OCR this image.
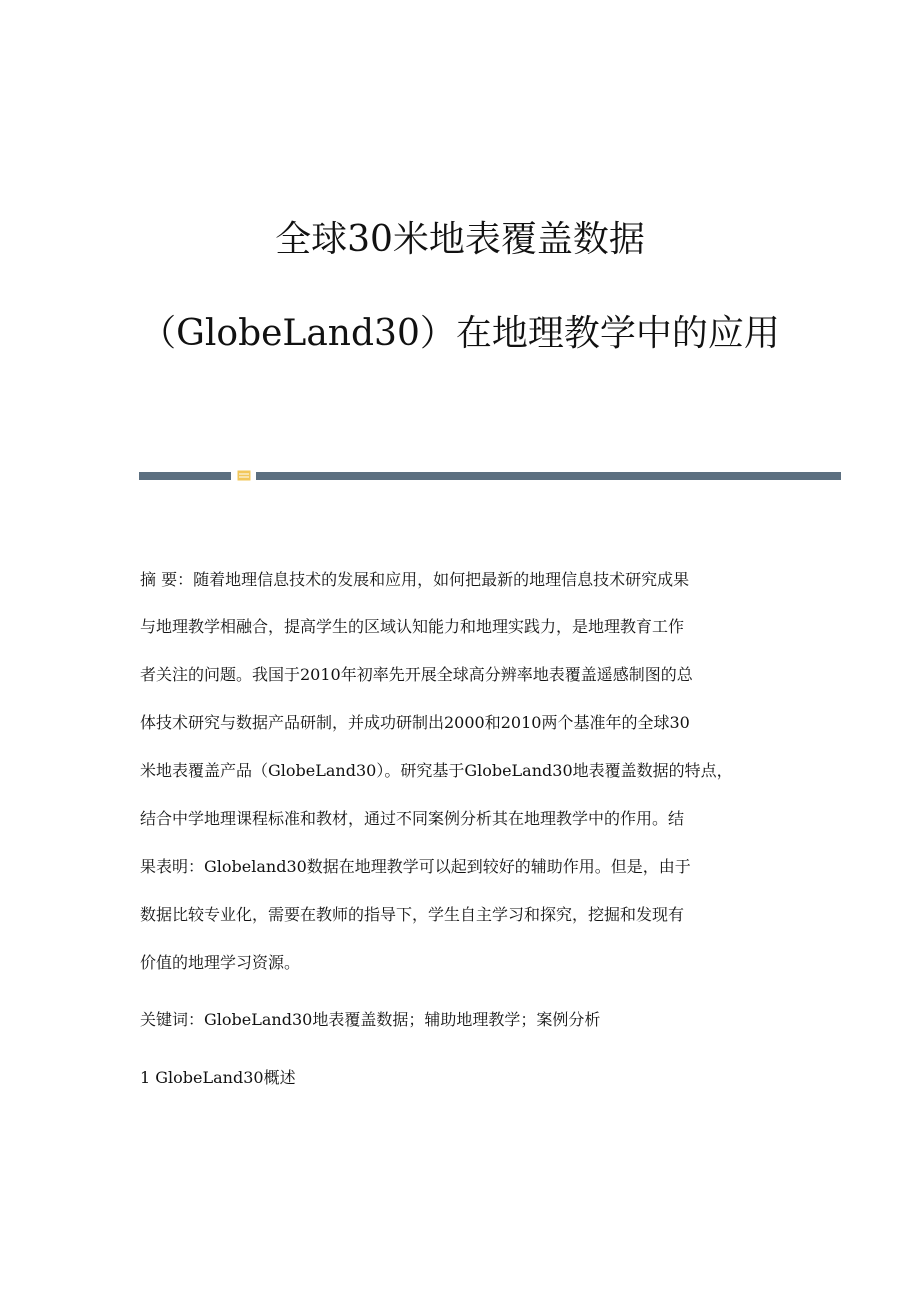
全球30米地表覆盖数据
（GlobeLand30）在地理教学中的应用
摘 要：随着地理信息技术的发展和应用，如何把最新的地理信息技术研究成果
与地理教学相融合，提高学生的区域认知能力和地理实践力，是地理教育工作
者关注的问题。我国于2010年初率先开展全球高分辨率地表覆盖遥感制图的总
体技术研究与数据产品研制，并成功研制出2000和2010两个基准年的全球30
米地表覆盖产品（GlobeLand30）。研究基于GlobeLand30地表覆盖数据的特点，
结合中学地理课程标准和教材，通过不同案例分析其在地理教学中的作用。结
果表明：Globeland30数据在地理教学可以起到较好的辅助作用。但是，由于
数据比较专业化，需要在教师的指导下，学生自主学习和探究，挖掘和发现有
价值的地理学习资源。
关键词：GlobeLand30地表覆盖数据；辅助地理教学；案例分析
1 GlobeLand30概述
